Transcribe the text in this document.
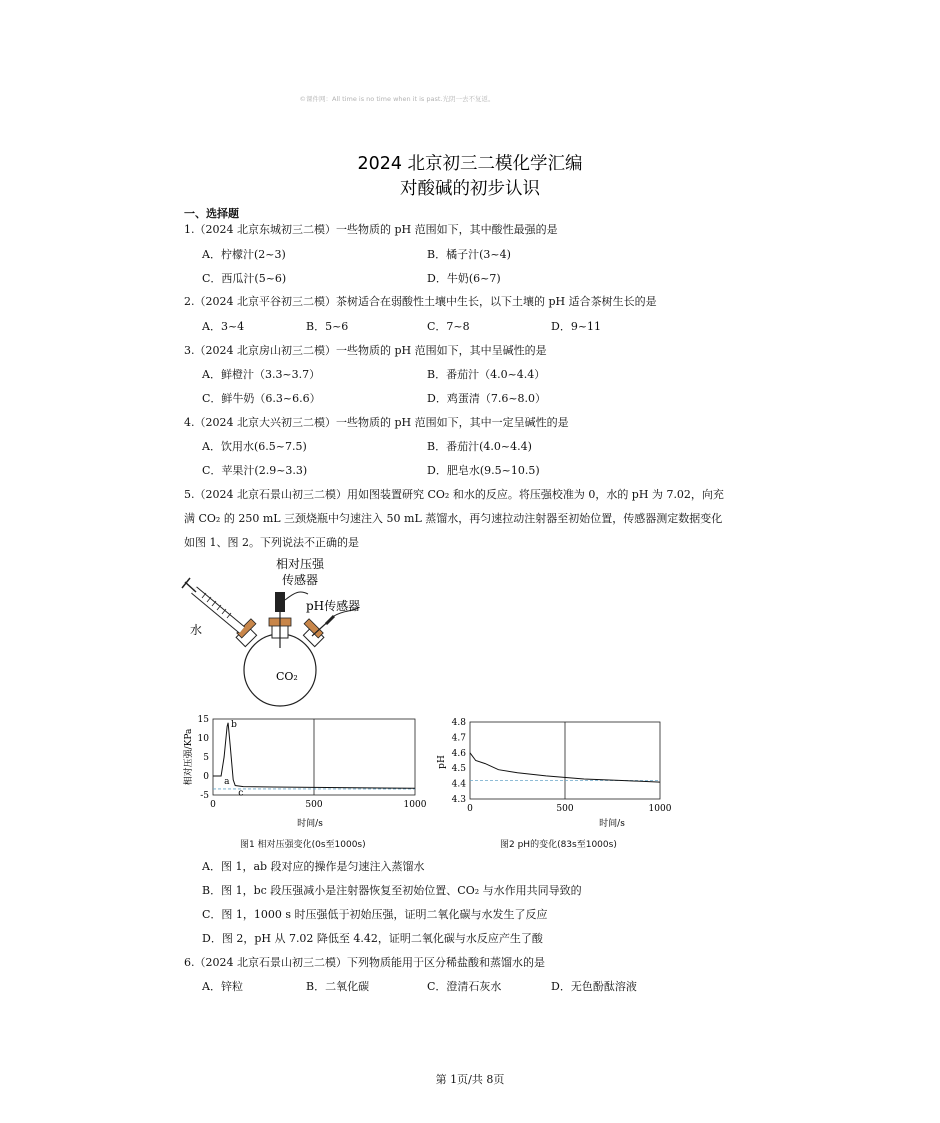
©课件网：All time is no time when it is past.光阴一去不复返。
2024 北京初三二模化学汇编
对酸碱的初步认识
一、选择题
1.（2024 北京东城初三二模）一些物质的 pH 范围如下，其中酸性最强的是
A．柠檬汁(2~3)	B．橘子汁(3~4)
C．西瓜汁(5~6)	D．牛奶(6~7)
2.（2024 北京平谷初三二模）茶树适合在弱酸性土壤中生长，以下土壤的 pH 适合茶树生长的是
A．3~4	B．5~6	C．7~8	D．9~11
3.（2024 北京房山初三二模）一些物质的 pH 范围如下，其中呈碱性的是
A．鲜橙汁（3.3~3.7）	B．番茄汁（4.0~4.4）
C．鲜牛奶（6.3~6.6）	D．鸡蛋清（7.6~8.0）
4.（2024 北京大兴初三二模）一些物质的 pH 范围如下，其中一定呈碱性的是
A．饮用水(6.5~7.5)	B．番茄汁(4.0~4.4)
C．苹果汁(2.9~3.3)	D．肥皂水(9.5~10.5)
5.（2024 北京石景山初三二模）用如图装置研究 CO₂ 和水的反应。将压强校准为 0，水的 pH 为 7.02，向充
满 CO₂ 的 250 mL 三颈烧瓶中匀速注入 50 mL 蒸馏水，再匀速拉动注射器至初始位置，传感器测定数据变化
如图 1、图 2。下列说法不正确的是
CO₂
水
相对压强
传感器
pH传感器
时间/s
相对压强/KPa
0	500	1000
15
10
5
0
-5
a
b
c
时间/s
pH
0	500	1000
4.8
4.7
4.6
4.5
4.4
4.3
图1 相对压强变化(0s至1000s)	图2 pH的变化(83s至1000s)
A．图 1，ab 段对应的操作是匀速注入蒸馏水
B．图 1，bc 段压强减小是注射器恢复至初始位置、CO₂ 与水作用共同导致的
C．图 1，1000 s 时压强低于初始压强，证明二氧化碳与水发生了反应
D．图 2，pH 从 7.02 降低至 4.42，证明二氧化碳与水反应产生了酸
6.（2024 北京石景山初三二模）下列物质能用于区分稀盐酸和蒸馏水的是
A．锌粒	B．二氧化碳	C．澄清石灰水	D．无色酚酞溶液
第 1页/共 8页
